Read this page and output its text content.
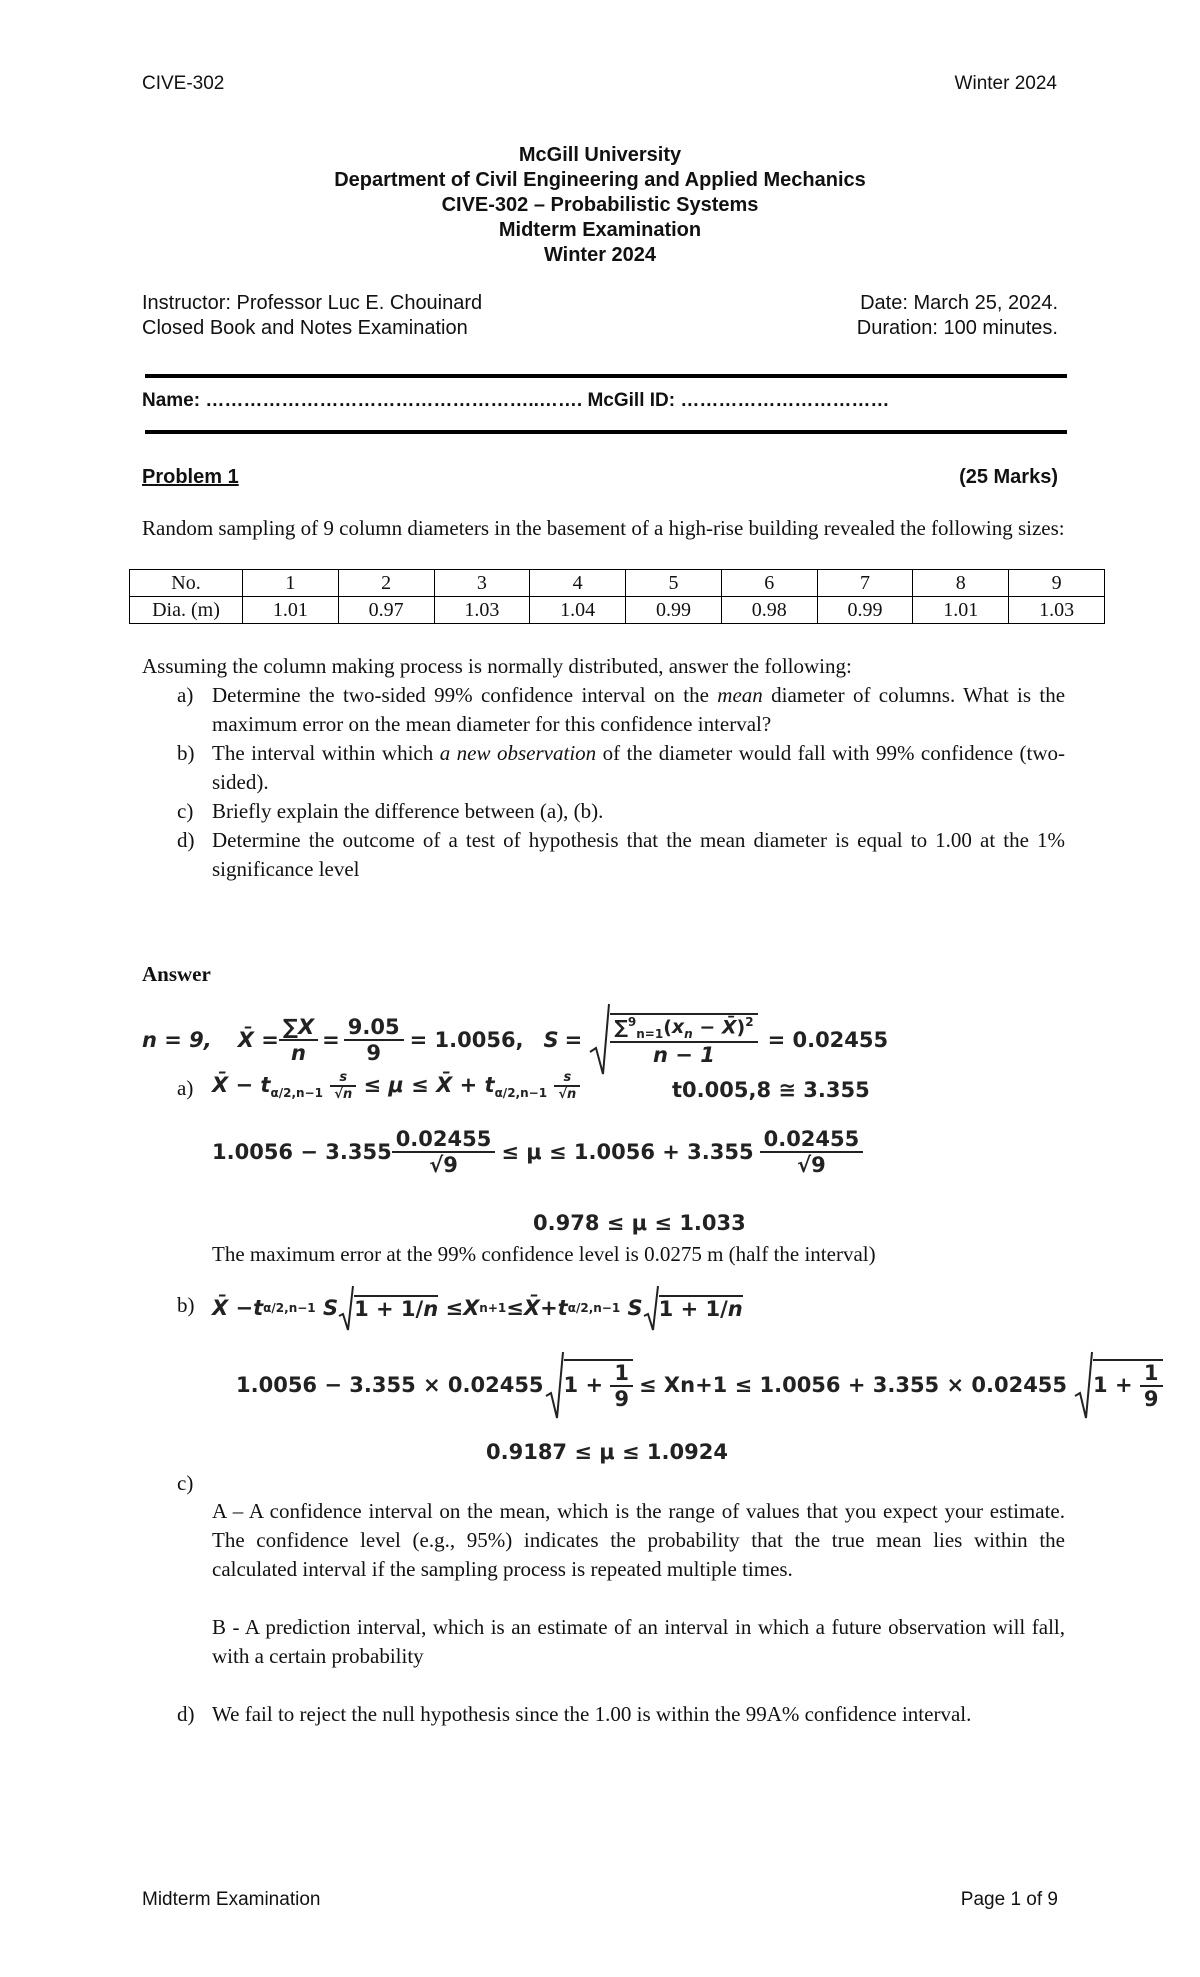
CIVE-302	Winter 2024
McGill University
Department of Civil Engineering and Applied Mechanics
CIVE-302 – Probabilistic Systems
Midterm Examination
Winter 2024
Instructor: Professor Luc E. Chouinard
Closed Book and Notes Examination
Date: March 25, 2024.
Duration: 100 minutes.
Name: ……………………………………………..……. McGill ID: ……………………………
Problem 1	(25 Marks)
Random sampling of 9 column diameters in the basement of a high-rise building revealed the following sizes:
No.	1	2	3	4	5	6	7	8	9
Dia. (m)	1.01	0.97	1.03	1.04	0.99	0.98	0.99	1.01	1.03
Assuming the column making process is normally distributed, answer the following:
a) Determine the two-sided 99% confidence interval on the mean diameter of columns. What is the maximum error on the mean diameter for this confidence interval?
b) The interval within which a new observation of the diameter would fall with 99% confidence (two-sided).
c) Briefly explain the difference between (a), (b).
d) Determine the outcome of a test of hypothesis that the mean diameter is equal to 1.00 at the 1% significance level
Answer
n = 9, X̄ = $\frac{\sum X}{n} = \frac{9.05}{9} = 1.0056$, $S = \frac{\sum^9_{n=1}(x_n - X̄)^2}{n - 1} = 0.02455$
a) X̄ − $t_{\alpha/2,n-1} \frac{s}{√n} \le \mu$ ≤ X̄ + $t_{\alpha/2,n-1} \frac{s}{√n}$	t0.005,8 ≅ 3.355
$1.0056 - 3.355 \frac{0.02455}{√9} \le \mu \le 1.0056 + 3.355 \frac{0.02455}{√9}$
0.978 ≤ μ ≤ 1.033
The maximum error at the 99% confidence level is 0.0275 m (half the interval)
b) X̄ − t α/2,n−1
S 1 + 1/n ≤ X n+1 ≤ X̄ + t α/2,n−1
S 1 + 1/n
1.0056 − 3.355 × 0.02455 $1 + \frac{1}{9} \le Xn+1 \le 1.0056 + 3.355 \times 0.02455$ $1 + \frac{1}{9}$
0.9187 ≤ μ ≤ 1.0924
c)
A – A confidence interval on the mean, which is the range of values that you expect your estimate. The confidence level (e.g., 95%) indicates the probability that the true mean lies within the calculated interval if the sampling process is repeated multiple times.
B - A prediction interval, which is an estimate of an interval in which a future observation will fall, with a certain probability
d) We fail to reject the null hypothesis since the 1.00 is within the 99A% confidence interval.
Midterm Examination	Page 1 of 9
